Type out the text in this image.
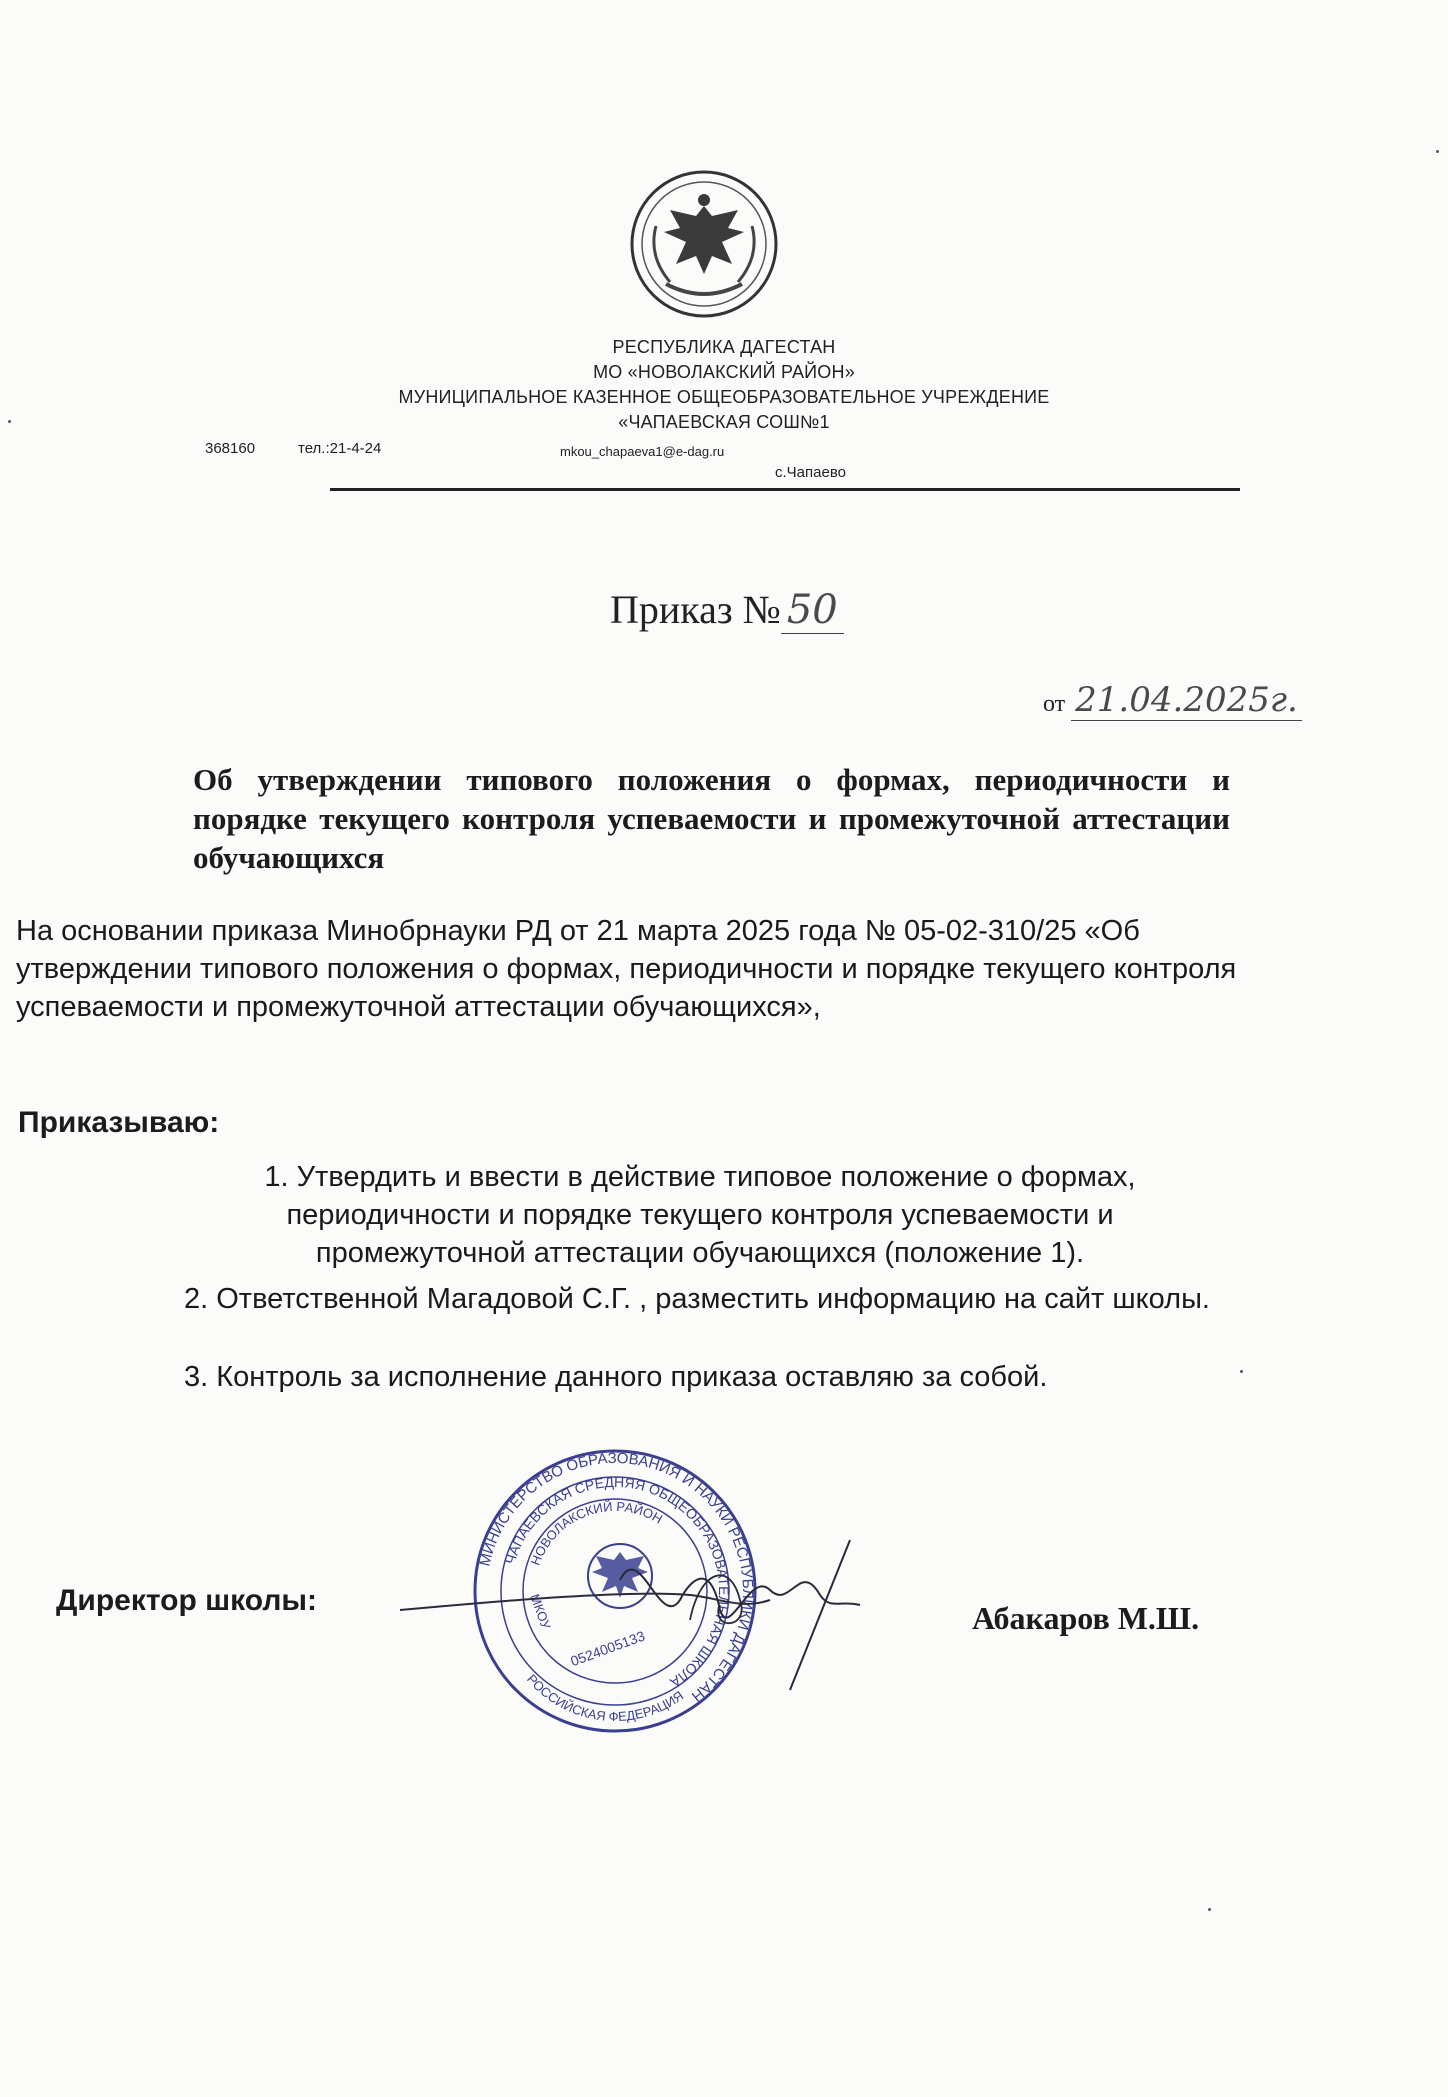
РЕСПУБЛИКА ДАГЕСТАН
МО «НОВОЛАКСКИЙ РАЙОН»
МУНИЦИПАЛЬНОЕ КАЗЕННОЕ ОБЩЕОБРАЗОВАТЕЛЬНОЕ УЧРЕЖДЕНИЕ
«ЧАПАЕВСКАЯ СОШ№1
368160	тел.:21-4-24	mkou_chapaeva1@e-dag.ru
с.Чапаево
Приказ № 50
от 21.04.2025г.
Об утверждении типового положения о формах, периодичности и порядке текущего контроля успеваемости и промежуточной аттестации обучающихся
На основании приказа Минобрнауки РД от 21 марта 2025 года № 05-02-310/25 «Об утверждении типового положения о формах, периодичности и порядке текущего контроля успеваемости и промежуточной аттестации обучающихся»,
Приказываю:
1. Утвердить и ввести в действие типовое положение о формах, периодичности и порядке текущего контроля успеваемости и промежуточной аттестации обучающихся (положение 1).
2. Ответственной Магадовой С.Г. , разместить информацию на сайт школы.
3. Контроль за исполнение данного приказа оставляю за собой.
МИНИСТЕРСТВО ОБРАЗОВАНИЯ И НАУКИ РЕСПУБЛИКИ ДАГЕСТАН
ЧАПАЕВСКАЯ СРЕДНЯЯ ОБЩЕОБРАЗОВАТЕЛЬНАЯ ШКОЛА
НОВОЛАКСКИЙ РАЙОН
РОССИЙСКАЯ ФЕДЕРАЦИЯ
0524005133
МКОУ
Директор школы:	Абакаров М.Ш.
